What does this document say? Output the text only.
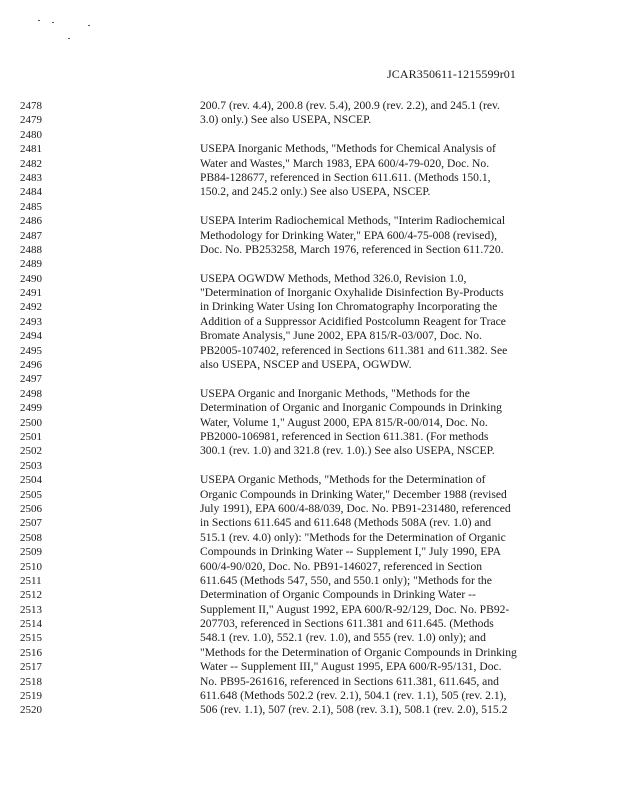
JCAR350611-1215599r01
2478
2479
2480
2481
2482
2483
2484
2485
2486
2487
2488
2489
2490
2491
2492
2493
2494
2495
2496
2497
2498
2499
2500
2501
2502
2503
2504
2505
2506
2507
2508
2509
2510
2511
2512
2513
2514
2515
2516
2517
2518
2519
2520
200.7 (rev. 4.4), 200.8 (rev. 5.4), 200.9 (rev. 2.2), and 245.1 (rev.
3.0) only.) See also USEPA, NSCEP.
USEPA Inorganic Methods, "Methods for Chemical Analysis of
Water and Wastes," March 1983, EPA 600/4-79-020, Doc. No.
PB84-128677, referenced in Section 611.611. (Methods 150.1,
150.2, and 245.2 only.) See also USEPA, NSCEP.
USEPA Interim Radiochemical Methods, "Interim Radiochemical
Methodology for Drinking Water," EPA 600/4-75-008 (revised),
Doc. No. PB253258, March 1976, referenced in Section 611.720.
USEPA OGWDW Methods, Method 326.0, Revision 1.0,
"Determination of Inorganic Oxyhalide Disinfection By-Products
in Drinking Water Using Ion Chromatography Incorporating the
Addition of a Suppressor Acidified Postcolumn Reagent for Trace
Bromate Analysis," June 2002, EPA 815/R-03/007, Doc. No.
PB2005-107402, referenced in Sections 611.381 and 611.382. See
also USEPA, NSCEP and USEPA, OGWDW.
USEPA Organic and Inorganic Methods, "Methods for the
Determination of Organic and Inorganic Compounds in Drinking
Water, Volume 1," August 2000, EPA 815/R-00/014, Doc. No.
PB2000-106981, referenced in Section 611.381. (For methods
300.1 (rev. 1.0) and 321.8 (rev. 1.0).) See also USEPA, NSCEP.
USEPA Organic Methods, "Methods for the Determination of
Organic Compounds in Drinking Water," December 1988 (revised
July 1991), EPA 600/4-88/039, Doc. No. PB91-231480, referenced
in Sections 611.645 and 611.648 (Methods 508A (rev. 1.0) and
515.1 (rev. 4.0) only): "Methods for the Determination of Organic
Compounds in Drinking Water -- Supplement I," July 1990, EPA
600/4-90/020, Doc. No. PB91-146027, referenced in Section
611.645 (Methods 547, 550, and 550.1 only); "Methods for the
Determination of Organic Compounds in Drinking Water --
Supplement II," August 1992, EPA 600/R-92/129, Doc. No. PB92-
207703, referenced in Sections 611.381 and 611.645. (Methods
548.1 (rev. 1.0), 552.1 (rev. 1.0), and 555 (rev. 1.0) only); and
"Methods for the Determination of Organic Compounds in Drinking
Water -- Supplement III," August 1995, EPA 600/R-95/131, Doc.
No. PB95-261616, referenced in Sections 611.381, 611.645, and
611.648 (Methods 502.2 (rev. 2.1), 504.1 (rev. 1.1), 505 (rev. 2.1),
506 (rev. 1.1), 507 (rev. 2.1), 508 (rev. 3.1), 508.1 (rev. 2.0), 515.2
